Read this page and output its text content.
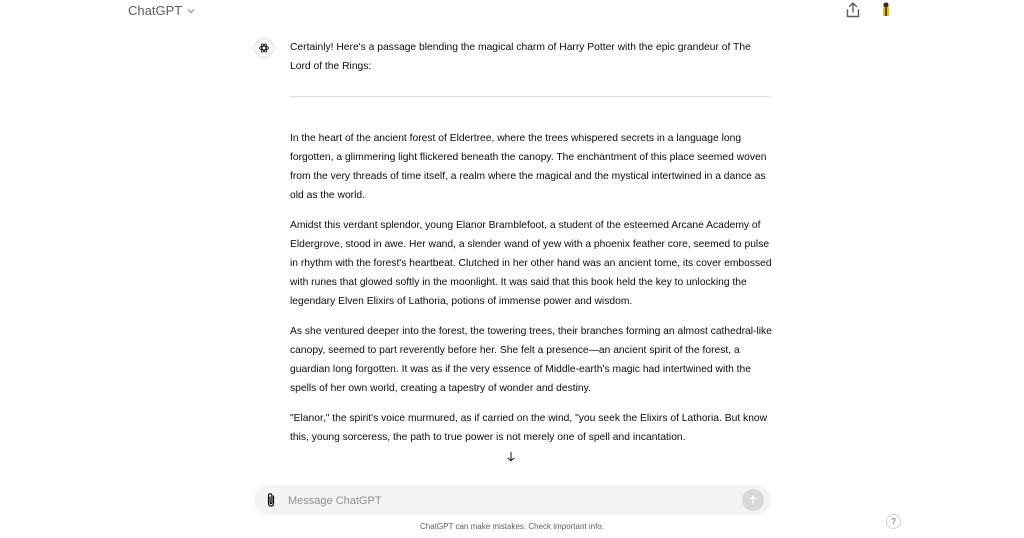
ChatGPT

Certainly! Here's a passage blending the magical charm of Harry Potter with the epic grandeur of The Lord of the Rings:

In the heart of the ancient forest of Eldertree, where the trees whispered secrets in a language long forgotten, a glimmering light flickered beneath the canopy. The enchantment of this place seemed woven from the very threads of time itself, a realm where the magical and the mystical intertwined in a dance as old as the world.

Amidst this verdant splendor, young Elanor Bramblefoot, a student of the esteemed Arcane Academy of Eldergrove, stood in awe. Her wand, a slender wand of yew with a phoenix feather core, seemed to pulse in rhythm with the forest's heartbeat. Clutched in her other hand was an ancient tome, its cover embossed with runes that glowed softly in the moonlight. It was said that this book held the key to unlocking the legendary Elven Elixirs of Lathoria, potions of immense power and wisdom.

As she ventured deeper into the forest, the towering trees, their branches forming an almost cathedral-like canopy, seemed to part reverently before her. She felt a presence—an ancient spirit of the forest, a guardian long forgotten. It was as if the very essence of Middle-earth's magic had intertwined with the spells of her own world, creating a tapestry of wonder and destiny.

"Elanor," the spirit's voice murmured, as if carried on the wind, "you seek the Elixirs of Lathoria. But know this, young sorceress, the path to true power is not merely one of spell and incantation.

Message ChatGPT
ChatGPT can make mistakes. Check important info.
?
